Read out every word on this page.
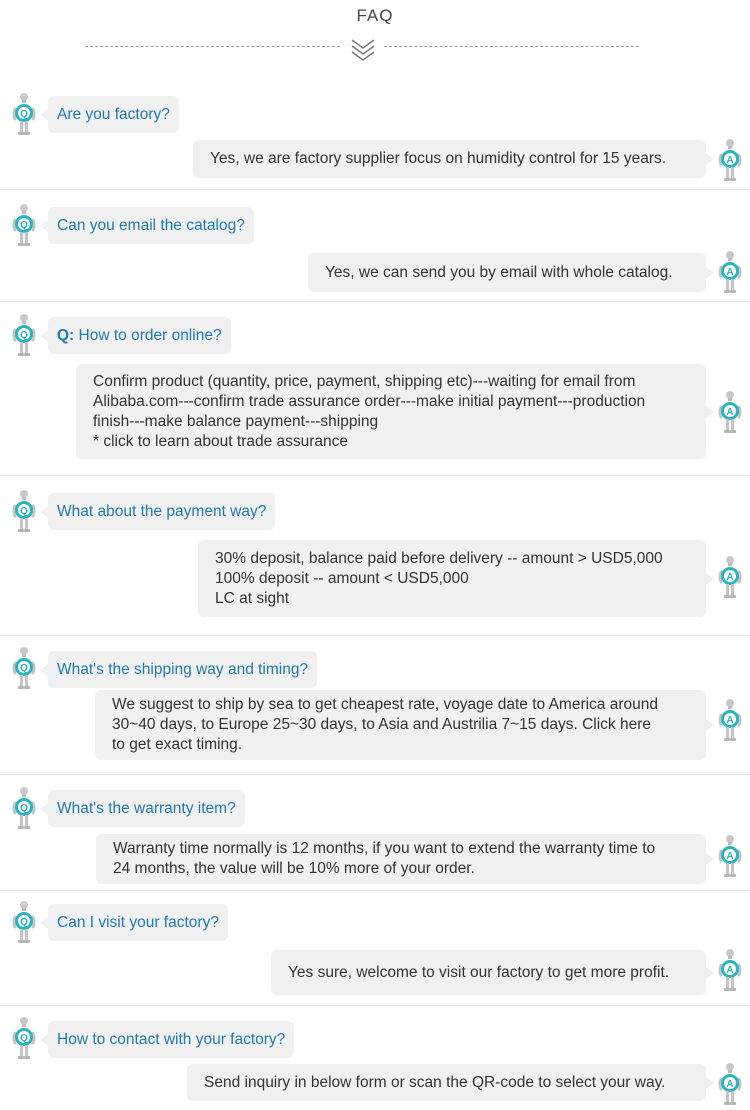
FAQ
Q Are you factory?
Yes, we are factory supplier focus on humidity control for 15 years.	A
Q Can you email the catalog?
Yes, we can send you by email with whole catalog.	A
Q Q:
How to order online?
Confirm product (quantity, price, payment, shipping etc)---waiting for email from
Alibaba.com---confirm trade assurance order---make initial payment---production
finish---make balance payment---shipping
* click to learn about trade assurance
A
Q What about the payment way?
30% deposit, balance paid before delivery -- amount > USD5,000
100% deposit -- amount < USD5,000
LC at sight
A
Q What's the shipping way and timing?
We suggest to ship by sea to get cheapest rate, voyage date to America around
30~40 days, to Europe 25~30 days, to Asia and Austrilia 7~15 days. Click here
to get exact timing.
A
Q What's the warranty item?
Warranty time normally is 12 months, if you want to extend the warranty time to
24 months, the value will be 10% more of your order.
A
Q Can I visit your factory?
Yes sure, welcome to visit our factory to get more profit.	A
Q How to contact with your factory?
Send inquiry in below form or scan the QR-code to select your way.	A
